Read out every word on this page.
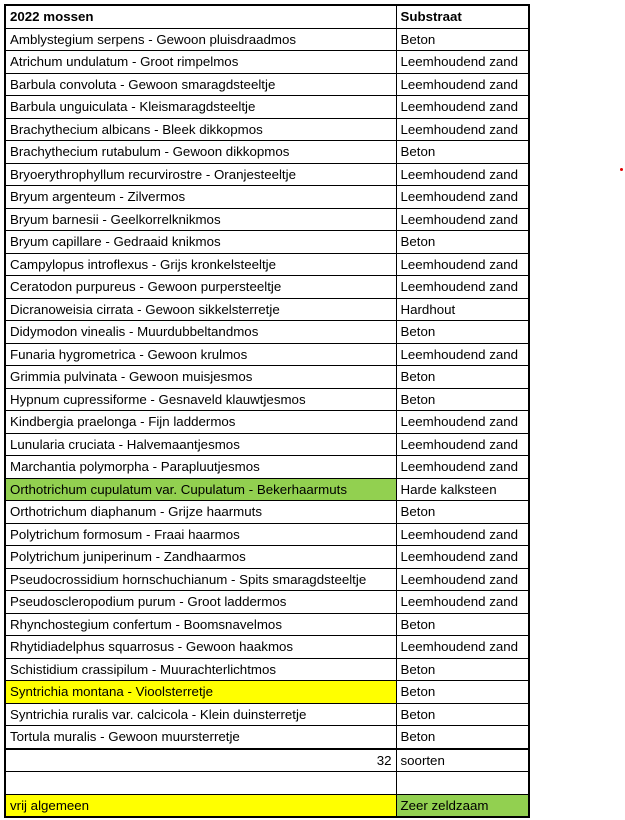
2022 mossen	Substraat
Amblystegium serpens - Gewoon pluisdraadmos	Beton
Atrichum undulatum - Groot rimpelmos	Leemhoudend zand
Barbula convoluta - Gewoon smaragdsteeltje	Leemhoudend zand
Barbula unguiculata - Kleismaragdsteeltje	Leemhoudend zand
Brachythecium albicans - Bleek dikkopmos	Leemhoudend zand
Brachythecium rutabulum - Gewoon dikkopmos	Beton
Bryoerythrophyllum recurvirostre - Oranjesteeltje	Leemhoudend zand
Bryum argenteum - Zilvermos	Leemhoudend zand
Bryum barnesii - Geelkorrelknikmos	Leemhoudend zand
Bryum capillare - Gedraaid knikmos	Beton
Campylopus introflexus - Grijs kronkelsteeltje	Leemhoudend zand
Ceratodon purpureus - Gewoon purpersteeltje	Leemhoudend zand
Dicranoweisia cirrata - Gewoon sikkelsterretje	Hardhout
Didymodon vinealis - Muurdubbeltandmos	Beton
Funaria hygrometrica - Gewoon krulmos	Leemhoudend zand
Grimmia pulvinata - Gewoon muisjesmos	Beton
Hypnum cupressiforme - Gesnaveld klauwtjesmos	Beton
Kindbergia praelonga - Fijn laddermos	Leemhoudend zand
Lunularia cruciata - Halvemaantjesmos	Leemhoudend zand
Marchantia polymorpha - Parapluutjesmos	Leemhoudend zand
Orthotrichum cupulatum var. Cupulatum - Bekerhaarmuts	Harde kalksteen
Orthotrichum diaphanum - Grijze haarmuts	Beton
Polytrichum formosum - Fraai haarmos	Leemhoudend zand
Polytrichum juniperinum - Zandhaarmos	Leemhoudend zand
Pseudocrossidium hornschuchianum - Spits smaragdsteeltje	Leemhoudend zand
Pseudoscleropodium purum - Groot laddermos	Leemhoudend zand
Rhynchostegium confertum - Boomsnavelmos	Beton
Rhytidiadelphus squarrosus - Gewoon haakmos	Leemhoudend zand
Schistidium crassipilum - Muurachterlichtmos	Beton
Syntrichia montana - Vioolsterretje	Beton
Syntrichia ruralis var. calcicola - Klein duinsterretje	Beton
Tortula muralis - Gewoon muursterretje	Beton
32	soorten

vrij algemeen	Zeer zeldzaam
